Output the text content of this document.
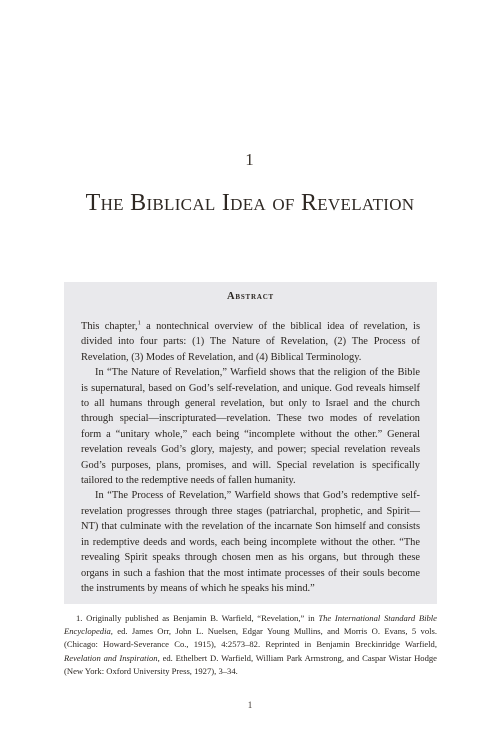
1
The Biblical Idea of Revelation
Abstract

This chapter,$^1$ a nontechnical overview of the biblical idea of revelation, is divided into four parts: (1) The Nature of Revelation, (2) The Process of Revelation, (3) Modes of Revelation, and (4) Biblical Terminology.

In “The Nature of Revelation,” Warfield shows that the religion of the Bible is supernatural, based on God’s self-revelation, and unique. God reveals himself to all humans through general revelation, but only to Israel and the church through special—inscripturated—revelation. These two modes of revelation form a “unitary whole,” each being “incomplete without the other.” General revelation reveals God’s glory, majesty, and power; special revelation reveals God’s purposes, plans, promises, and will. Special revelation is specifically tailored to the redemptive needs of fallen humanity.

In “The Process of Revelation,” Warfield shows that God’s redemptive self-revelation progresses through three stages (patriarchal, prophetic, and Spirit—NT) that culminate with the revelation of the incarnate Son himself and consists in redemptive deeds and words, each being incomplete without the other. “The revealing Spirit speaks through chosen men as his organs, but through these organs in such a fashion that the most intimate processes of their souls become the instruments by means of which he speaks his mind.”

1. Originally published as Benjamin B. Warfield, “Revelation,” in The International Standard Bible Encyclopedia, ed. James Orr, John L. Nuelsen, Edgar Young Mullins, and Morris O. Evans, 5 vols. (Chicago: Howard-Severance Co., 1915), 4:2573–82. Reprinted in Benjamin Breckinridge Warfield, Revelation and Inspiration, ed. Ethelbert D. Warfield, William Park Armstrong, and Caspar Wistar Hodge (New York: Oxford University Press, 1927), 3–34.
1
